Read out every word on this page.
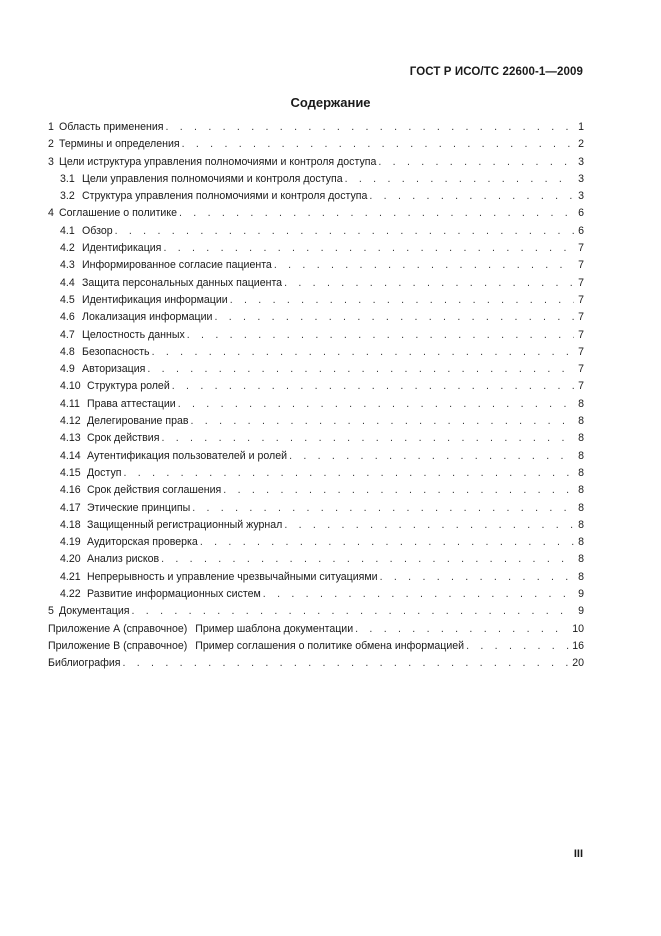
ГОСТ Р ИСО/ТС 22600-1—2009
Содержание
1 Область применения . . .	1
2 Термины и определения . . .	2
3 Цели иструктура управления полномочиями и контроля доступа . . .	3
3.1 Цели управления полномочиями и контроля доступа . . .	3
3.2 Структура управления полномочиями и контроля доступа . . .	3
4 Соглашение о политике . . .	6
4.1 Обзор . . .	6
4.2 Идентификация . . .	7
4.3 Информированное согласие пациента . . .	7
4.4 Защита персональных данных пациента . . .	7
4.5 Идентификация информации . . .	7
4.6 Локализация информации . . .	7
4.7 Целостность данных . . .	7
4.8 Безопасность . . .	7
4.9 Авторизация . . .	7
4.10 Структура ролей . . .	7
4.11 Права аттестации . . .	8
4.12 Делегирование прав . . .	8
4.13 Срок действия . . .	8
4.14 Аутентификация пользователей и ролей . . .	8
4.15 Доступ . . .	8
4.16 Срок действия соглашения . . .	8
4.17 Этические принципы . . .	8
4.18 Защищенный регистрационный журнал . . .	8
4.19 Аудиторская проверка . . .	8
4.20 Анализ рисков . . .	8
4.21 Непрерывность и управление чрезвычайными ситуациями . . .	8
4.22 Развитие информационных систем . . .	9
5 Документация . . .	9
Приложение А (справочное) Пример шаблона документации . . .	10
Приложение В (справочное) Пример соглашения о политике обмена информацией . . .	16
Библиография . . .	20
III
